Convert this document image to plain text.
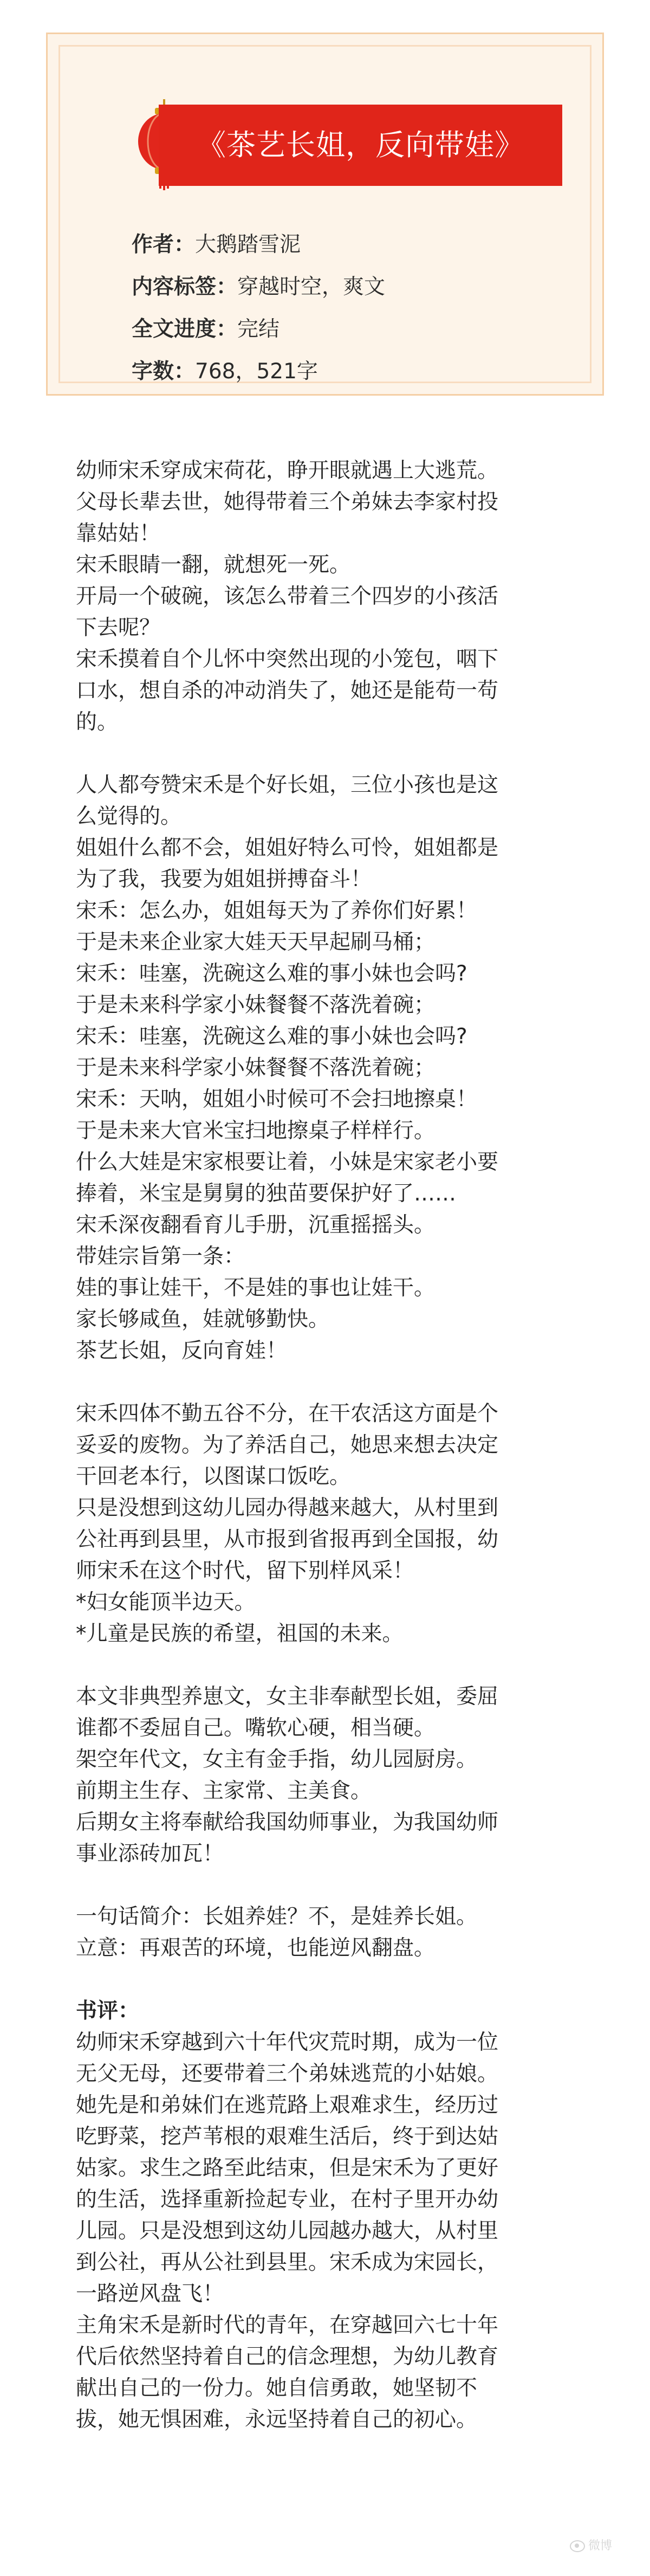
《茶艺长姐，反向带娃》
作者：大鹅踏雪泥
内容标签：穿越时空，爽文
全文进度：完结
字数：768，521字

幼师宋禾穿成宋荷花，睁开眼就遇上大逃荒。
父母长辈去世，她得带着三个弟妹去李家村投
靠姑姑！

宋禾眼睛一翻，就想死一死。

开局一个破碗，该怎么带着三个四岁的小孩活
下去呢？

宋禾摸着自个儿怀中突然出现的小笼包，咽下
口水，想自杀的冲动消失了，她还是能苟一苟
的。

人人都夸赞宋禾是个好长姐，三位小孩也是这
么觉得的。

姐姐什么都不会，姐姐好特么可怜，姐姐都是
为了我，我要为姐姐拼搏奋斗！

宋禾：怎么办，姐姐每天为了养你们好累！

于是未来企业家大娃天天早起刷马桶；

宋禾：哇塞，洗碗这么难的事小妹也会吗?

于是未来科学家小妹餐餐不落洗着碗；

宋禾：哇塞，洗碗这么难的事小妹也会吗?

于是未来科学家小妹餐餐不落洗着碗；

宋禾：天呐，姐姐小时候可不会扫地擦桌！

于是未来大官米宝扫地擦桌子样样行。

什么大娃是宋家根要让着，小妹是宋家老小要
捧着，米宝是舅舅的独苗要保护好了……

宋禾深夜翻看育儿手册，沉重摇摇头。

带娃宗旨第一条：

娃的事让娃干，不是娃的事也让娃干。

家长够咸鱼，娃就够勤快。

茶艺长姐，反向育娃！

宋禾四体不勤五谷不分，在干农活这方面是个
妥妥的废物。为了养活自己，她思来想去决定
干回老本行，以图谋口饭吃。

只是没想到这幼儿园办得越来越大，从村里到
公社再到县里，从市报到省报再到全国报，幼
师宋禾在这个时代，留下别样风采！

*妇女能顶半边天。

*儿童是民族的希望，祖国的未来。

本文非典型养崽文，女主非奉献型长姐，委屈
谁都不委屈自己。嘴软心硬，相当硬。

架空年代文，女主有金手指，幼儿园厨房。

前期主生存、主家常、主美食。

后期女主将奉献给我国幼师事业，为我国幼师
事业添砖加瓦！

一句话简介：长姐养娃？不，是娃养长姐。

立意：再艰苦的环境，也能逆风翻盘。

书评：

幼师宋禾穿越到六十年代灾荒时期，成为一位
无父无母，还要带着三个弟妹逃荒的小姑娘。
她先是和弟妹们在逃荒路上艰难求生，经历过
吃野菜，挖芦苇根的艰难生活后，终于到达姑
姑家。求生之路至此结束，但是宋禾为了更好
的生活，选择重新捡起专业，在村子里开办幼
儿园。只是没想到这幼儿园越办越大，从村里
到公社，再从公社到县里。宋禾成为宋园长，
一路逆风盘飞！

主角宋禾是新时代的青年，在穿越回六七十年
代后依然坚持着自己的信念理想，为幼儿教育
献出自己的一份力。她自信勇敢，她坚韧不
拔，她无惧困难，永远坚持着自己的初心。

微博
